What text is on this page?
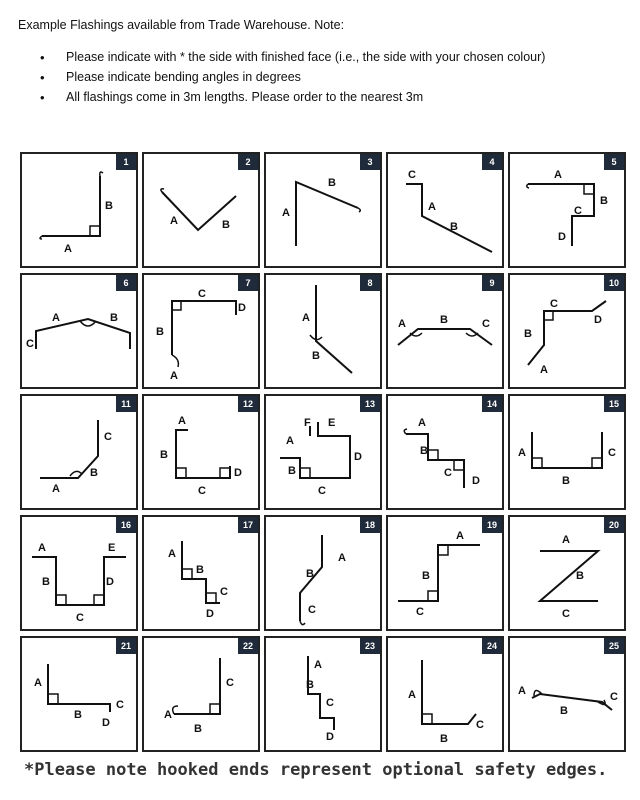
Example Flashings available from Trade Warehouse. Note:
• Please indicate with * the side with finished face (i.e., the side with your chosen colour)
• Please indicate bending angles in degrees
• All flashings come in 3m lengths. Please order to the nearest 3m
A
B
1
A	B
2
A
B
3
C
A
B
4
A
B
C
D
5
A	B
C
6
C
D
B
A
7
A
B
8
A	B	C
9
C
D
B
A
10
C
B
A
11
A
B
C
D
12
F E
A
D
B
C
13
A
B
C
D
14
A	C
B
15
A	E
B	D
C
16
A
B
C
D
17
A
B
C
18
A
B
C
19
A
B
C
20
A
B
C
D
21
C
A
B
22
A
B
C
D
23
A
C
B
24
A
B
C
25
*Please note hooked ends represent optional safety edges.
